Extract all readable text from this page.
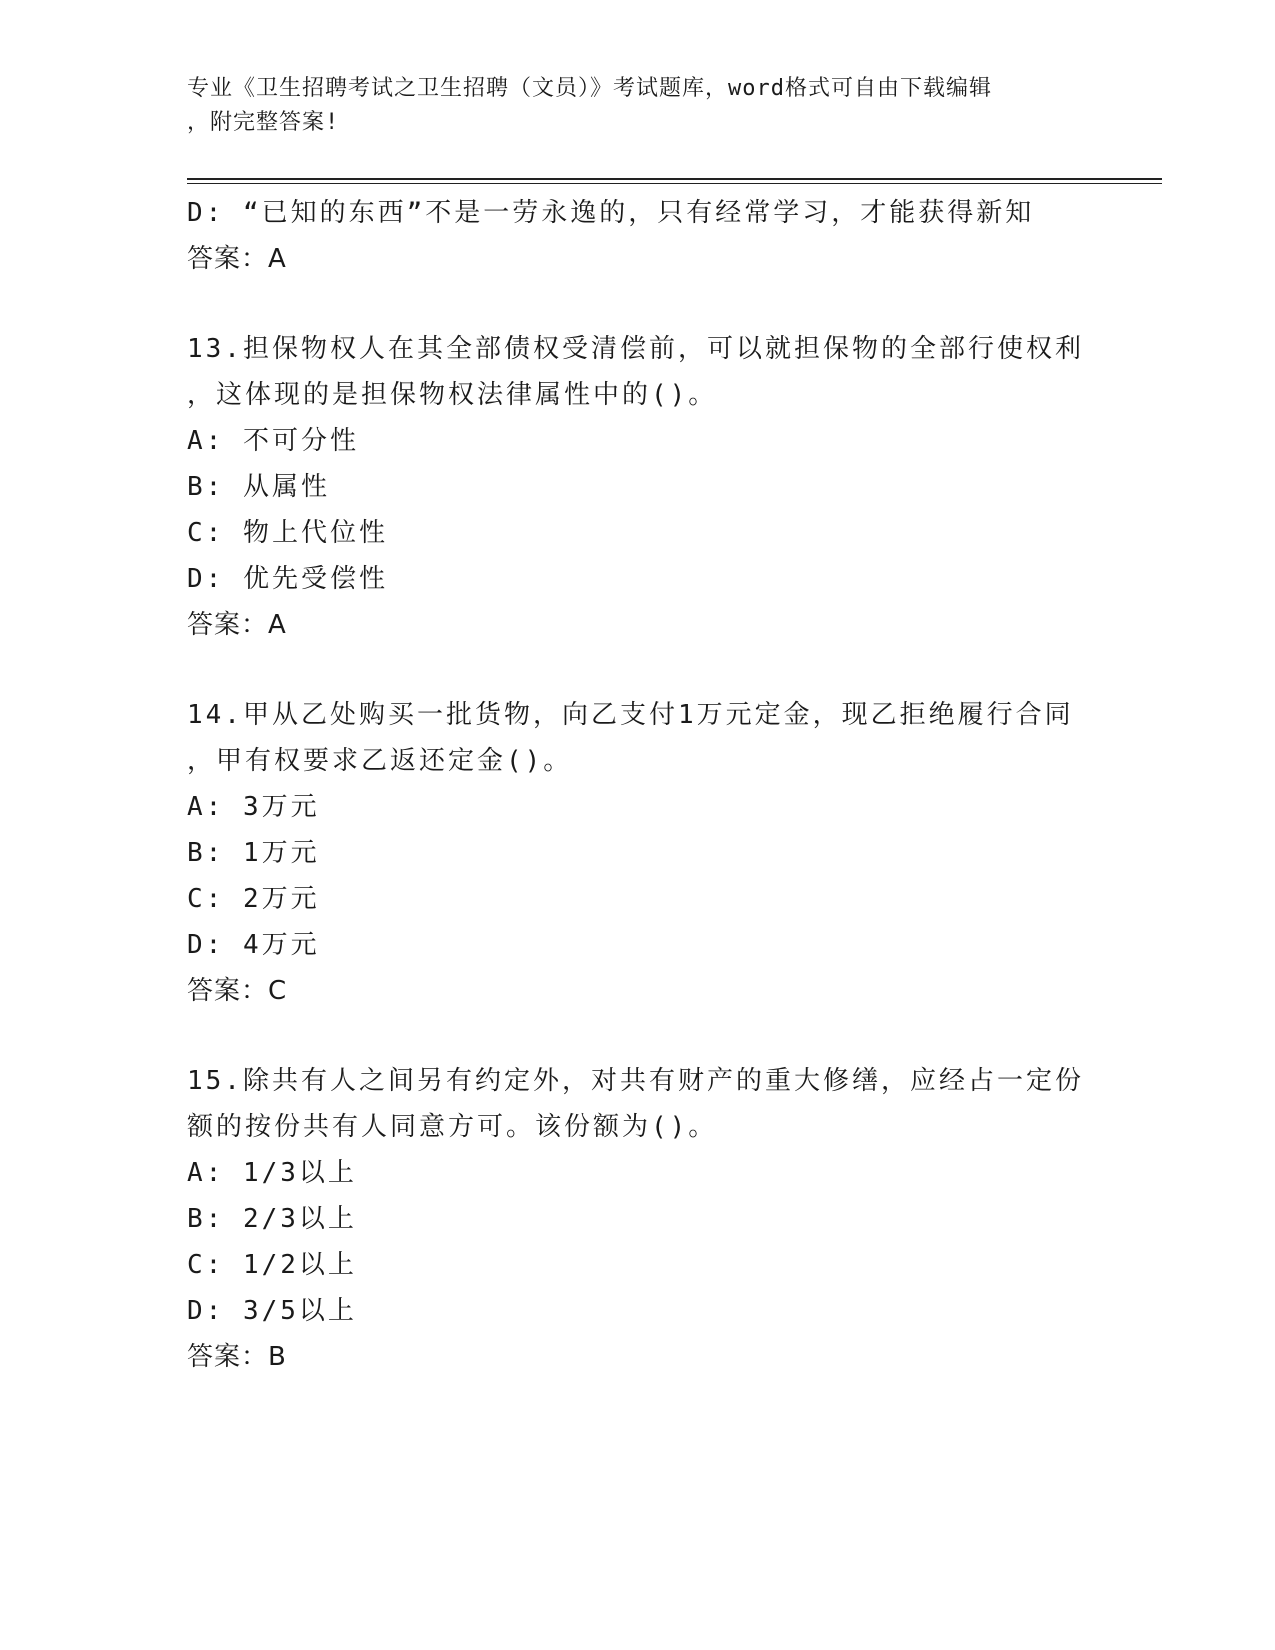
专业《卫生招聘考试之卫生招聘（文员）》考试题库，word格式可自由下载编辑
，附完整答案!
D: “已知的东西”不是一劳永逸的，只有经常学习，才能获得新知
答案：A
13.担保物权人在其全部债权受清偿前，可以就担保物的全部行使权利
，这体现的是担保物权法律属性中的()。
A: 不可分性
B: 从属性
C: 物上代位性
D: 优先受偿性
答案：A
14.甲从乙处购买一批货物，向乙支付1万元定金，现乙拒绝履行合同
，甲有权要求乙返还定金()。
A: 3万元
B: 1万元
C: 2万元
D: 4万元
答案：C
15.除共有人之间另有约定外，对共有财产的重大修缮，应经占一定份
额的按份共有人同意方可。该份额为()。
A: 1/3以上
B: 2/3以上
C: 1/2以上
D: 3/5以上
答案：B
